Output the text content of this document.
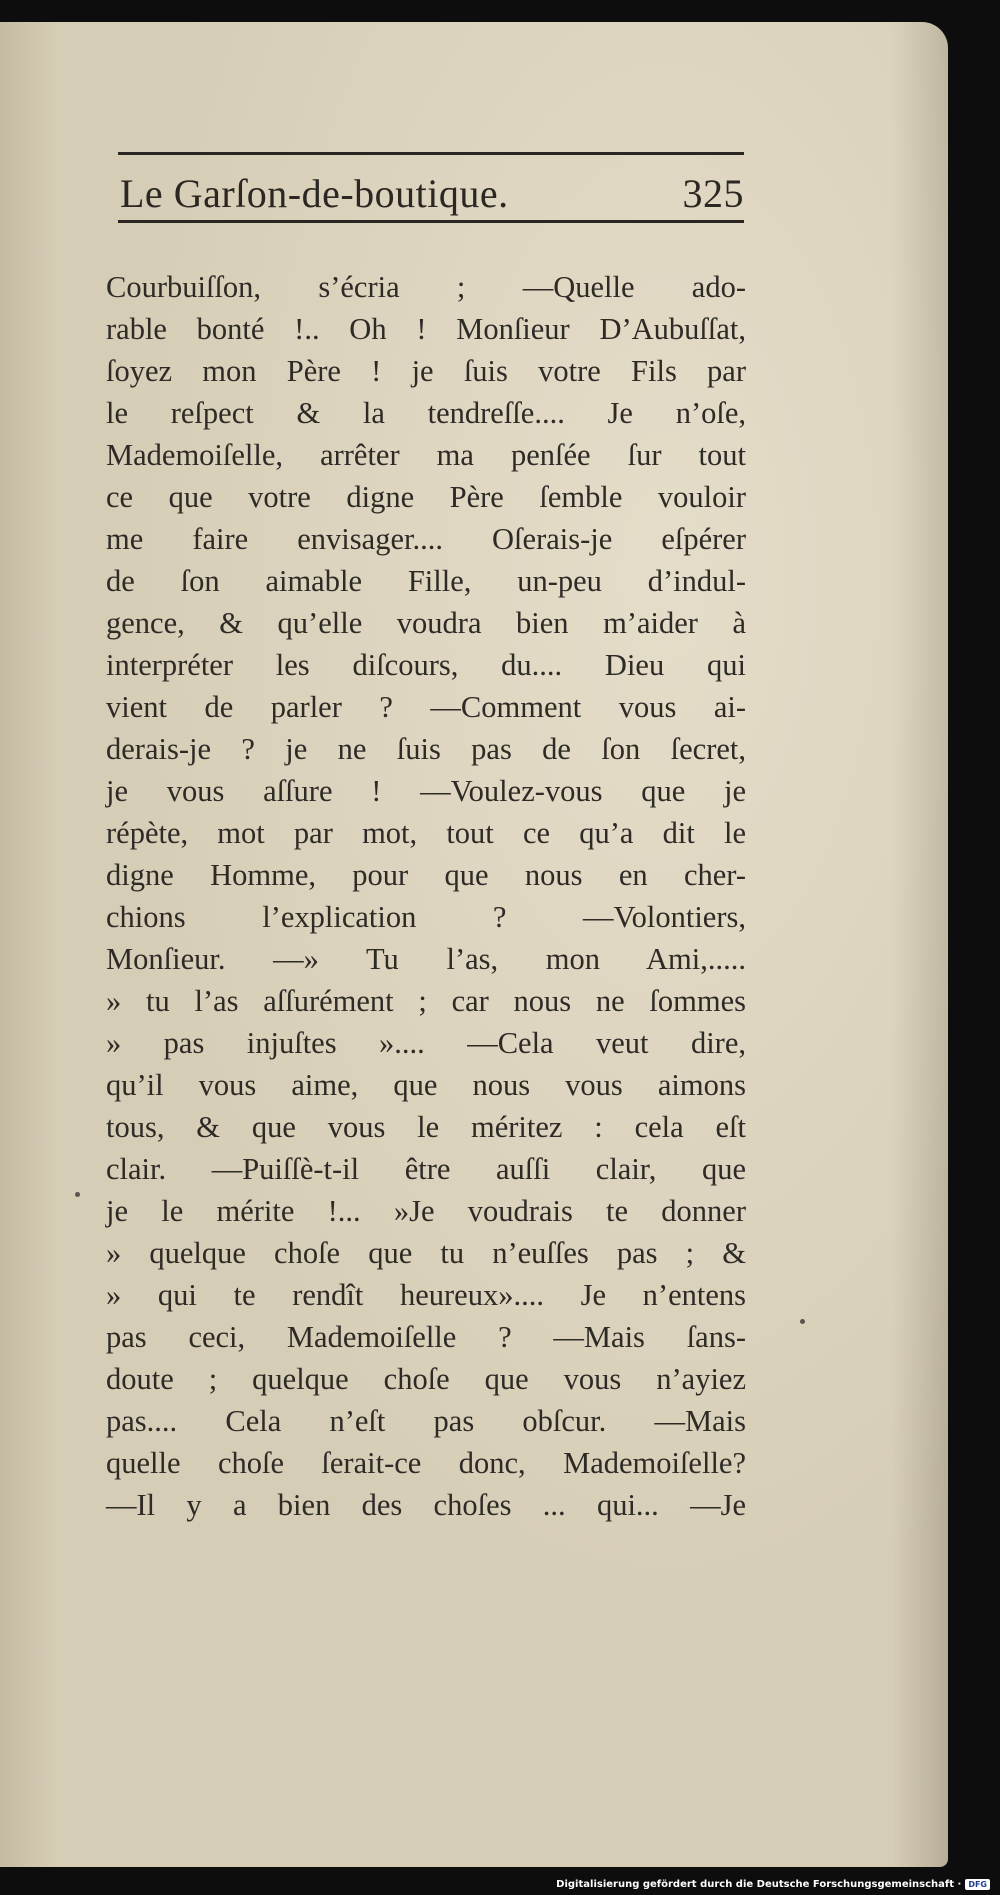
Le Garſon-de-boutique.	325
Courbuiſſon, s’écria ; —Quelle ado-
rable bonté !.. Oh ! Monſieur D’Aubuſſat,
ſoyez mon Père ! je ſuis votre Fils par
le reſpect & la tendreſſe.... Je n’oſe,
Mademoiſelle, arrêter ma penſée ſur tout
ce que votre digne Père ſemble vouloir
me faire envisager.... Oſerais-je eſpérer
de ſon aimable Fille, un-peu d’indul-
gence, & qu’elle voudra bien m’aider à
interpréter les diſcours, du.... Dieu qui
vient de parler ? —Comment vous ai-
derais-je ? je ne ſuis pas de ſon ſecret,
je vous aſſure ! —Voulez-vous que je
répète, mot par mot, tout ce qu’a dit le
digne Homme, pour que nous en cher-
chions l’explication ? —Volontiers,
Monſieur. —» Tu l’as, mon Ami,.....
» tu l’as aſſurément ; car nous ne ſommes
» pas injuſtes ».... —Cela veut dire,
qu’il vous aime, que nous vous aimons
tous, & que vous le méritez : cela eſt
clair. —Puiſſè-t-il être auſſi clair, que
je le mérite !... »Je voudrais te donner
» quelque choſe que tu n’euſſes pas ; &
» qui te rendît heureux».... Je n’entens
pas ceci, Mademoiſelle ? —Mais ſans-
doute ; quelque choſe que vous n’ayiez
pas.... Cela n’eſt pas obſcur. —Mais
quelle choſe ſerait-ce donc, Mademoiſelle?
—Il y a bien des choſes ... qui... —Je
Digitalisierung gefördert durch die Deutsche Forschungsgemeinschaft · DFG
